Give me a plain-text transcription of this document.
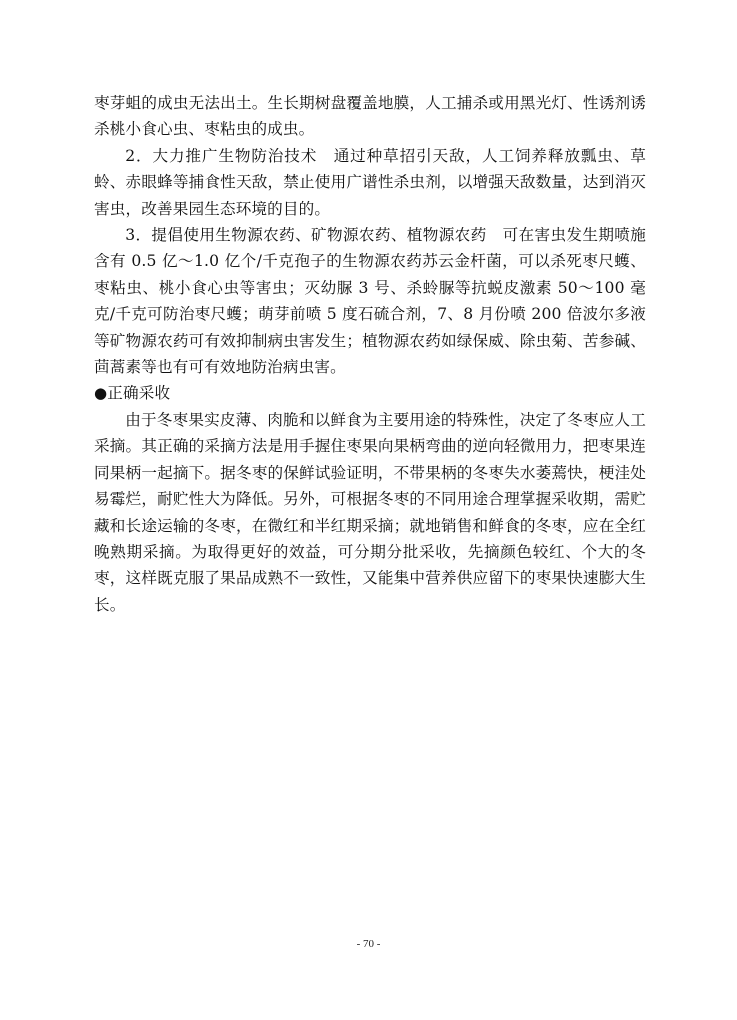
枣芽蛆的成虫无法出土。生长期树盘覆盖地膜，人工捕杀或用黑光灯、性诱剂诱杀桃小食心虫、枣粘虫的成虫。

2．大力推广生物防治技术　通过种草招引天敌，人工饲养释放瓢虫、草蛉、赤眼蜂等捕食性天敌，禁止使用广谱性杀虫剂，以增强天敌数量，达到消灭害虫，改善果园生态环境的目的。

3．提倡使用生物源农药、矿物源农药、植物源农药　可在害虫发生期喷施含有 0.5 亿～1.0 亿个/千克孢子的生物源农药苏云金杆菌，可以杀死枣尺蠖、枣粘虫、桃小食心虫等害虫；灭幼脲 3 号、杀蛉脲等抗蜕皮激素 50～100 毫克/千克可防治枣尺蠖；萌芽前喷 5 度石硫合剂，7、8 月份喷 200 倍波尔多液等矿物源农药可有效抑制病虫害发生；植物源农药如绿保威、除虫菊、苦参碱、茴蒿素等也有可有效地防治病虫害。

●正确采收

由于冬枣果实皮薄、肉脆和以鲜食为主要用途的特殊性，决定了冬枣应人工采摘。其正确的采摘方法是用手握住枣果向果柄弯曲的逆向轻微用力，把枣果连同果柄一起摘下。据冬枣的保鲜试验证明，不带果柄的冬枣失水萎蔫快，梗洼处易霉烂，耐贮性大为降低。另外，可根据冬枣的不同用途合理掌握采收期，需贮藏和长途运输的冬枣，在微红和半红期采摘；就地销售和鲜食的冬枣，应在全红晚熟期采摘。为取得更好的效益，可分期分批采收，先摘颜色较红、个大的冬枣，这样既克服了果品成熟不一致性，又能集中营养供应留下的枣果快速膨大生长。

- 70 -
